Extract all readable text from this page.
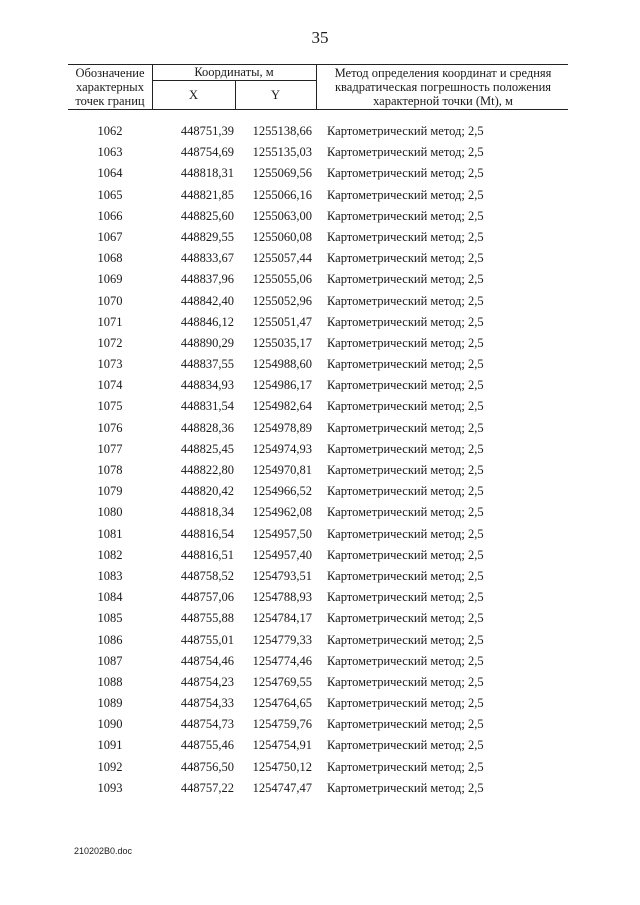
35
Обозначение
характерных
точек границ
Координаты, м
X	Y
Метод определения координат и средняя
квадратическая погрешность положения
характерной точки (Mt), м
1062	448751,39	1255138,66 Картометрический метод; 2,5
1063	448754,69	1255135,03 Картометрический метод; 2,5
1064	448818,31	1255069,56 Картометрический метод; 2,5
1065	448821,85	1255066,16 Картометрический метод; 2,5
1066	448825,60	1255063,00 Картометрический метод; 2,5
1067	448829,55	1255060,08 Картометрический метод; 2,5
1068	448833,67	1255057,44 Картометрический метод; 2,5
1069	448837,96	1255055,06 Картометрический метод; 2,5
1070	448842,40	1255052,96 Картометрический метод; 2,5
1071	448846,12	1255051,47 Картометрический метод; 2,5
1072	448890,29	1255035,17 Картометрический метод; 2,5
1073	448837,55	1254988,60 Картометрический метод; 2,5
1074	448834,93	1254986,17 Картометрический метод; 2,5
1075	448831,54	1254982,64 Картометрический метод; 2,5
1076	448828,36	1254978,89 Картометрический метод; 2,5
1077	448825,45	1254974,93 Картометрический метод; 2,5
1078	448822,80	1254970,81 Картометрический метод; 2,5
1079	448820,42	1254966,52 Картометрический метод; 2,5
1080	448818,34	1254962,08 Картометрический метод; 2,5
1081	448816,54	1254957,50 Картометрический метод; 2,5
1082	448816,51	1254957,40 Картометрический метод; 2,5
1083	448758,52	1254793,51 Картометрический метод; 2,5
1084	448757,06	1254788,93 Картометрический метод; 2,5
1085	448755,88	1254784,17 Картометрический метод; 2,5
1086	448755,01	1254779,33 Картометрический метод; 2,5
1087	448754,46	1254774,46 Картометрический метод; 2,5
1088	448754,23	1254769,55 Картометрический метод; 2,5
1089	448754,33	1254764,65 Картометрический метод; 2,5
1090	448754,73	1254759,76 Картометрический метод; 2,5
1091	448755,46	1254754,91 Картометрический метод; 2,5
1092	448756,50	1254750,12 Картометрический метод; 2,5
1093	448757,22	1254747,47 Картометрический метод; 2,5
210202B0.doc
